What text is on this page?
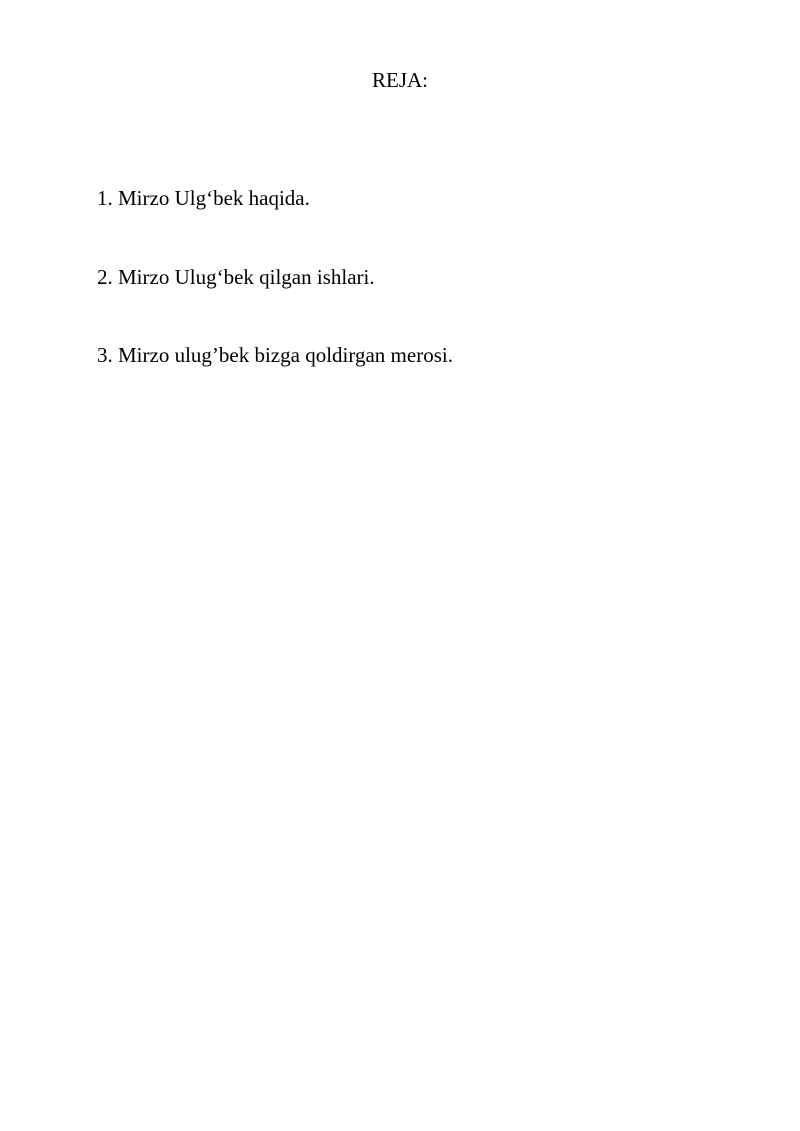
REJA:
1. Mirzo Ulg‘bek haqida.
2. Mirzo Ulug‘bek qilgan ishlari.
3. Mirzo ulug’bek bizga qoldirgan merosi.
